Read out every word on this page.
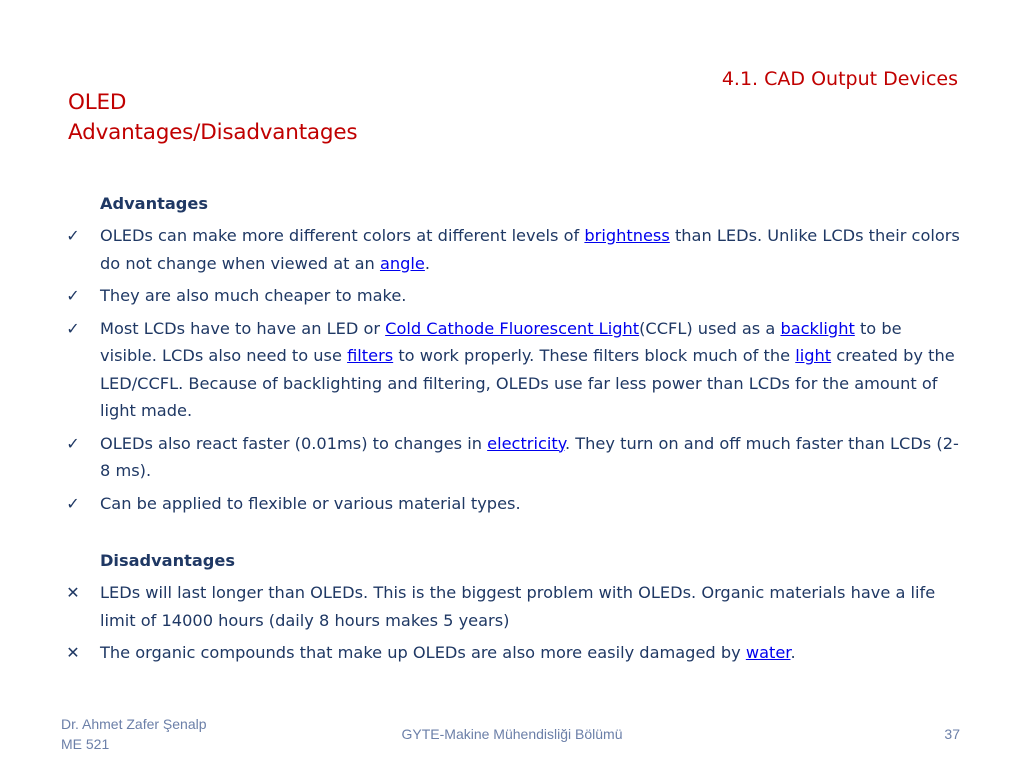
4.1. CAD Output Devices
OLED
Advantages/Disadvantages
Advantages
✓ OLEDs can make more different colors at different levels of brightness than LEDs. Unlike LCDs their colors do not change when viewed at an angle.
✓ They are also much cheaper to make.
✓ Most LCDs have to have an LED or Cold Cathode Fluorescent Light(CCFL) used as a backlight to be visible. LCDs also need to use filters to work properly. These filters block much of the light created by the LED/CCFL. Because of backlighting and filtering, OLEDs use far less power than LCDs for the amount of light made.
✓ OLEDs also react faster (0.01ms) to changes in electricity. They turn on and off much faster than LCDs (2-8 ms).
✓ Can be applied to flexible or various material types.
Disadvantages
✕ LEDs will last longer than OLEDs. This is the biggest problem with OLEDs. Organic materials have a life limit of 14000 hours (daily 8 hours makes 5 years)
✕ The organic compounds that make up OLEDs are also more easily damaged by water.
Dr. Ahmet Zafer Şenalp
ME 521
GYTE-Makine Mühendisliği Bölümü	37
